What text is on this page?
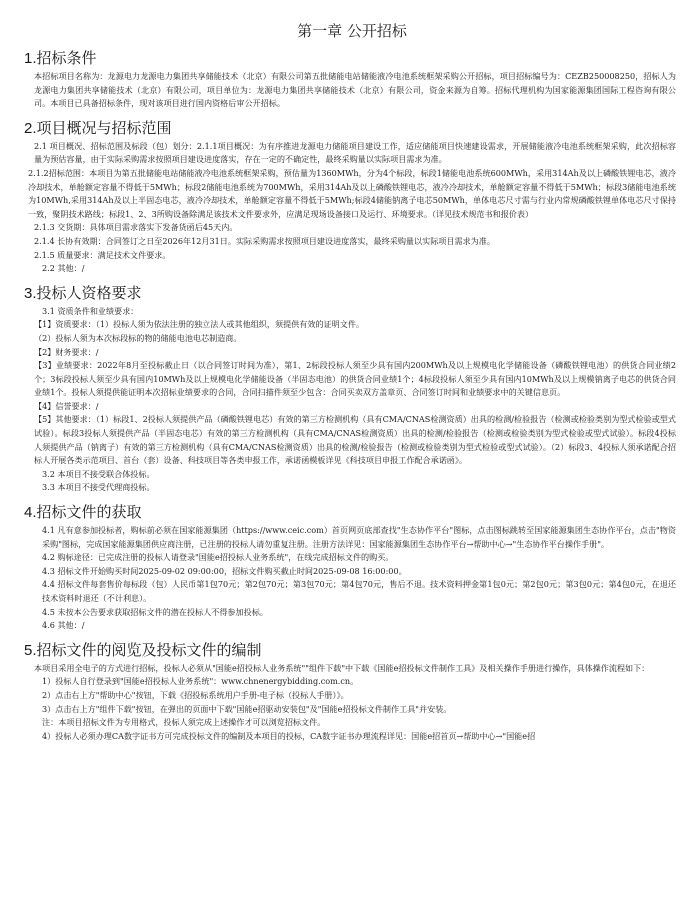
第一章 公开招标
1.招标条件

本招标项目名称为：龙源电力龙源电力集团共享储能技术（北京）有限公司第五批储能电站储能液冷电池系统框架采购公开招标，项目招标编号为：CEZB250008250，招标人为龙源电力集团共享储能技术（北京）有限公司，项目单位为：龙源电力集团共享储能技术（北京）有限公司，资金来源为自筹。招标代理机构为国家能源集团国际工程咨询有限公司。本项目已具备招标条件，现对该项目进行国内资格后审公开招标。

2.项目概况与招标范围

2.1 项目概况、招标范围及标段（包）划分：2.1.1项目概况：为有序推进龙源电力储能项目建设工作，适应储能项目快速建设需求，开展储能液冷电池系统框架采购，此次招标容量为预估容量，由于实际采购需求按照项目建设进度落实，存在一定的不确定性，最终采购量以实际项目需求为准。

2.1.2招标范围：本项目为第五批储能电站储能液冷电池系统框架采购，预估量为1360MWh，分为4个标段，标段1储能电池系统600MWh，采用314Ah及以上磷酸铁锂电芯，液冷冷却技术，单舱额定容量不得低于5MWh；标段2储能电池系统为700MWh，采用314Ah及以上磷酸铁锂电芯，液冷冷却技术，单舱额定容量不得低于5MWh；标段3储能电池系统为10MWh,采用314Ah及以上半固态电芯，液冷冷却技术，单舱额定容量不得低于5MWh;标段4储能钠离子电芯50MWh，单体电芯尺寸需与行业内常规磷酸铁锂单体电芯尺寸保持一致，聚阴技术路线；标段1、2、3所购设备除满足该技术文件要求外，应满足现场设备接口及运行、环境要求。（详见技术规范书和报价表）

2.1.3 交货期：具体项目需求落实下发备货函后45天内。

2.1.4 长协有效期：合同签订之日至2026年12月31日。实际采购需求按照项目建设进度落实，最终采购量以实际项目需求为准。

2.1.5 质量要求：满足技术文件要求。

2.2 其他：/

3.投标人资格要求

3.1 资质条件和业绩要求：

【1】资质要求：（1）投标人须为依法注册的独立法人或其他组织，须提供有效的证明文件。

（2）投标人须为本次标段标的物的储能电池电芯制造商。

【2】财务要求：/

【3】业绩要求：2022年8月至投标截止日（以合同签订时间为准），第1、2标段投标人须至少具有国内200MWh及以上规模电化学储能设备（磷酸铁锂电池）的供货合同业绩2个；3标段投标人须至少具有国内10MWh及以上规模电化学储能设备（半固态电池）的供货合同业绩1个；4标段投标人须至少具有国内10MWh及以上规模钠离子电芯的供货合同业绩1个。投标人须提供能证明本次招标业绩要求的合同，合同扫描件须至少包含：合同买卖双方盖章页、合同签订时间和业绩要求中的关键信息页。

【4】信誉要求：/

【5】其他要求：（1）标段1、2投标人须提供产品（磷酸铁锂电芯）有效的第三方检测机构（具有CMA/CNAS检测资质）出具的检测/检验报告（检测或检验类别为型式检验或型式试验）。标段3投标人须提供产品（半固态电芯）有效的第三方检测机构（具有CMA/CNAS检测资质）出具的检测/检验报告（检测或检验类别为型式检验或型式试验）。标段4投标人须提供产品（钠离子）有效的第三方检测机构（具有CMA/CNAS检测资质）出具的检测/检验报告（检测或检验类别为型式检验或型式试验）。（2）标段3、4投标人须承诺配合招标人开展各类示范项目、首台（套）设备、科技项目等各类申报工作，承诺函模板详见《科技项目申报工作配合承诺函》。

3.2 本项目不接受联合体投标。

3.3 本项目不接受代理商投标。

4.招标文件的获取

4.1 凡有意参加投标者，购标前必须在国家能源集团（https://www.ceic.com）首页网页底部查找"生态协作平台"图标，点击图标跳转至国家能源集团生态协作平台，点击"物资采购"图标，完成国家能源集团供应商注册，已注册的投标人请勿重复注册。注册方法详见：国家能源集团生态协作平台→帮助中心→"生态协作平台操作手册"。

4.2 购标途径：已完成注册的投标人请登录"国能e招投标人业务系统"，在线完成招标文件的购买。

4.3 招标文件开始购买时间2025-09-02 09:00:00，招标文件购买截止时间2025-09-08 16:00:00。

4.4 招标文件每套售价每标段（包）人民币第1包70元；第2包70元；第3包70元；第4包70元，售后不退。技术资料押金第1包0元；第2包0元；第3包0元；第4包0元，在退还技术资料时退还（不计利息）。

4.5 未按本公告要求获取招标文件的潜在投标人不得参加投标。

4.6 其他：/

5.招标文件的阅览及投标文件的编制

本项目采用全电子的方式进行招标，投标人必须从"国能e招投标人业务系统""组件下载"中下载《国能e招投标文件制作工具》及相关操作手册进行操作，具体操作流程如下：

1）投标人自行登录到"国能e招投标人业务系统"：www.chnenergybidding.com.cn。

2）点击右上方"帮助中心"按钮，下载《招投标系统用户手册-电子标（投标人手册）》。

3）点击右上方"组件下载"按钮，在弹出的页面中下载"国能e招驱动安装包"及"国能e招投标文件制作工具"并安装。

注：本项目招标文件为专用格式，投标人须完成上述操作才可以浏览招标文件。

4）投标人必须办理CA数字证书方可完成投标文件的编制及本项目的投标，CA数字证书办理流程详见：国能e招首页→帮助中心→"国能e招
